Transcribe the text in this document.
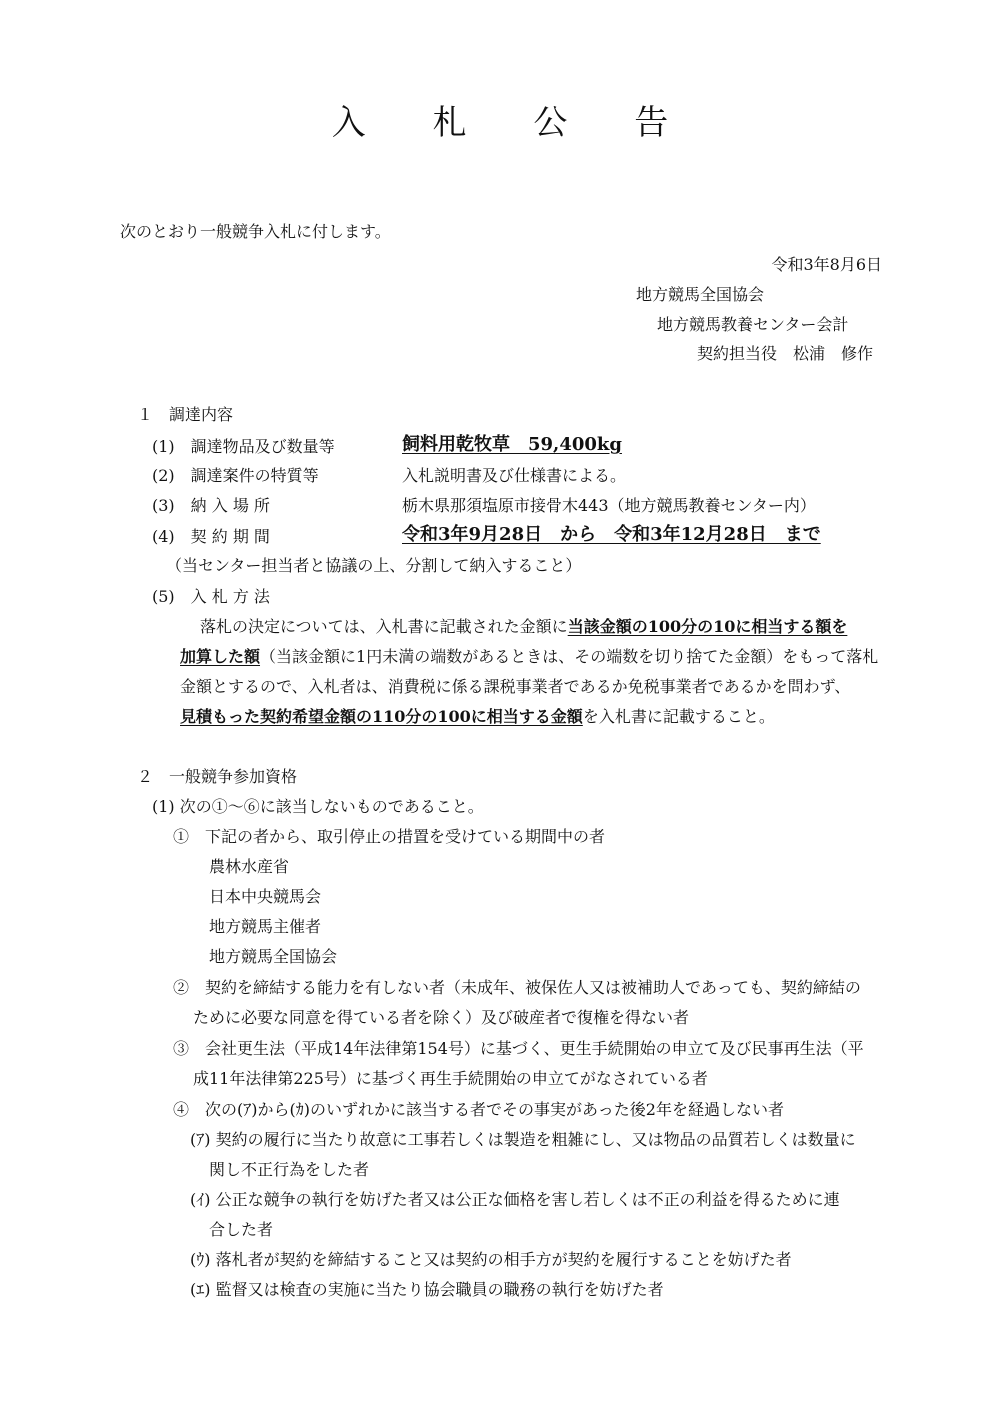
入 札 公 告
次のとおり一般競争入札に付します。
令和3年8月6日
地方競馬全国協会
地方競馬教養センター会計
契約担当役　松浦　修作
１　調達内容
(1)　調達物品及び数量等	飼料用乾牧草　59,400kg
(2)　調達案件の特質等	入札説明書及び仕様書による。
(3)　納 入 場 所	栃木県那須塩原市接骨木443（地方競馬教養センター内）
(4)　契 約 期 間	令和3年9月28日　から　令和3年12月28日　まで
（当センター担当者と協議の上、分割して納入すること）
(5)　入 札 方 法
落札の決定については、入札書に記載された金額に当該金額の100分の10に相当する額を
加算した額（当該金額に1円未満の端数があるときは、その端数を切り捨てた金額）をもって落札
金額とするので、入札者は、消費税に係る課税事業者であるか免税事業者であるかを問わず、
見積もった契約希望金額の110分の100に相当する金額を入札書に記載すること。
２　一般競争参加資格
(1) 次の①～⑥に該当しないものであること。
①　下記の者から、取引停止の措置を受けている期間中の者
農林水産省
日本中央競馬会
地方競馬主催者
地方競馬全国協会
②　契約を締結する能力を有しない者（未成年、被保佐人又は被補助人であっても、契約締結の
ために必要な同意を得ている者を除く）及び破産者で復権を得ない者
③　会社更生法（平成14年法律第154号）に基づく、更生手続開始の申立て及び民事再生法（平
成11年法律第225号）に基づく再生手続開始の申立てがなされている者
④　次の(ｱ)から(ｶ)のいずれかに該当する者でその事実があった後2年を経過しない者
(ｱ) 契約の履行に当たり故意に工事若しくは製造を粗雑にし、又は物品の品質若しくは数量に
関し不正行為をした者
(ｲ) 公正な競争の執行を妨げた者又は公正な価格を害し若しくは不正の利益を得るために連
合した者
(ｳ) 落札者が契約を締結すること又は契約の相手方が契約を履行することを妨げた者
(ｴ) 監督又は検査の実施に当たり協会職員の職務の執行を妨げた者
